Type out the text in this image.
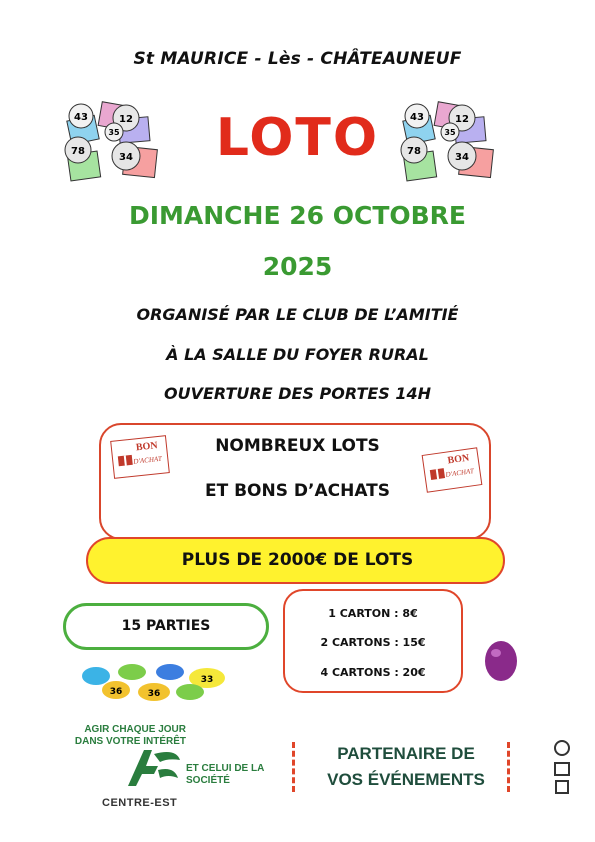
St MAURICE - Lès - CHÂTEAUNEUF
43	12
35
78
34	LOTO	43	12
35
78
34
DIMANCHE 26 OCTOBRE
2025
ORGANISÉ PAR LE CLUB DE L’AMITIÉ
À LA SALLE DU FOYER RURAL
OUVERTURE DES PORTES 14H
BON
D'ACHAT	BON
D'ACHAT
NOMBREUX LOTS
ET BONS D’ACHATS
PLUS DE 2000€ DE LOTS
15 PARTIES
1 CARTON : 8€
2 CARTONS : 15€
4 CARTONS : 20€
36
33
36
AGIR CHAQUE JOUR DANS VOTRE INTÉRÊT
ET CELUI DE LA SOCIÉTÉ
CENTRE-EST
PARTENAIRE DE
VOS ÉVÉNEMENTS
